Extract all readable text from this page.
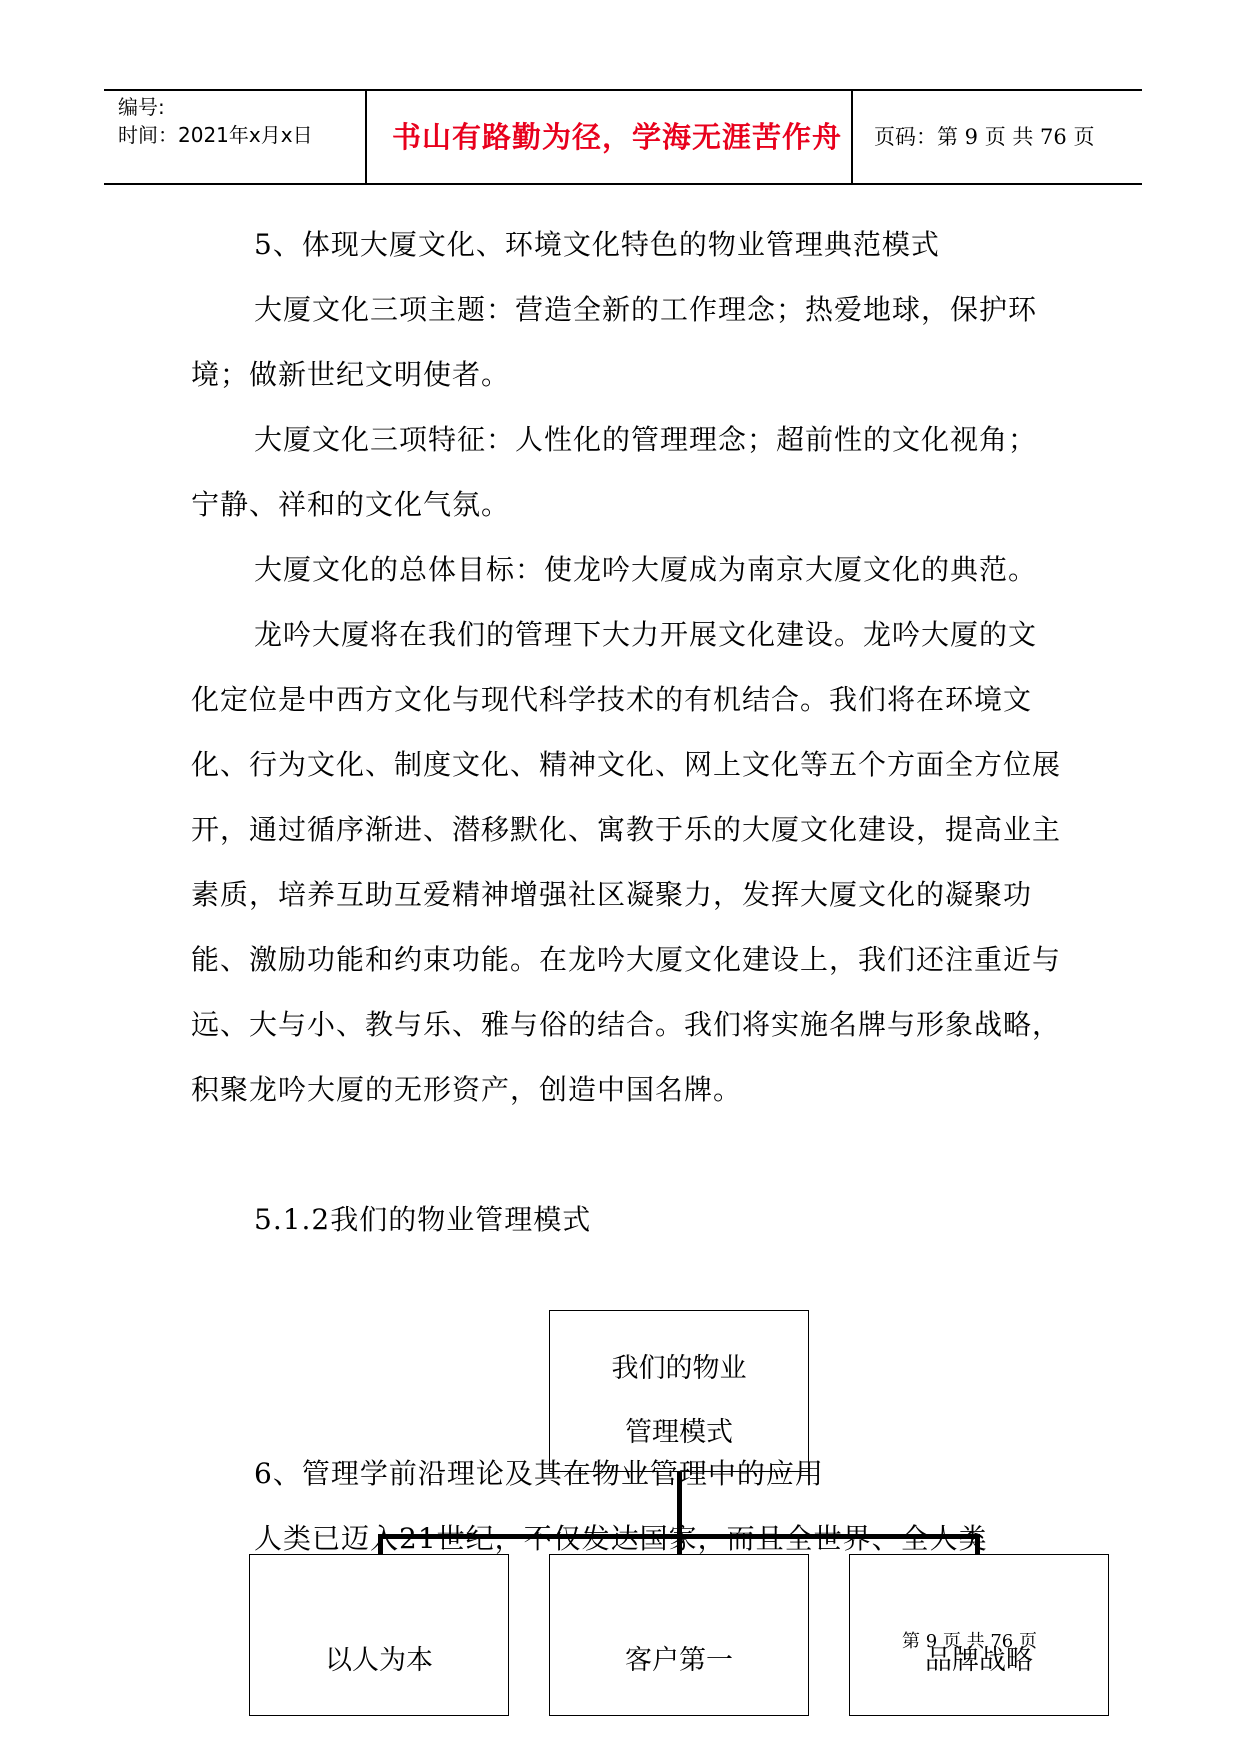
编号:
时间：2021年x月x日	书山有路勤为径，学海无涯苦作舟	页码：第 9 页 共 76 页

5、体现大厦文化、环境文化特色的物业管理典范模式

大厦文化三项主题：营造全新的工作理念；热爱地球，保护环境；做新世纪文明使者。

大厦文化三项特征：人性化的管理理念；超前性的文化视角；宁静、祥和的文化气氛。

大厦文化的总体目标：使龙吟大厦成为南京大厦文化的典范。

龙吟大厦将在我们的管理下大力开展文化建设。龙吟大厦的文化定位是中西方文化与现代科学技术的有机结合。我们将在环境文化、行为文化、制度文化、精神文化、网上文化等五个方面全方位展开，通过循序渐进、潜移默化、寓教于乐的大厦文化建设，提高业主素质，培养互助互爱精神增强社区凝聚力，发挥大厦文化的凝聚功能、激励功能和约束功能。在龙吟大厦文化建设上，我们还注重近与远、大与小、教与乐、雅与俗的结合。我们将实施名牌与形象战略，积聚龙吟大厦的无形资产，创造中国名牌。

5.1.2我们的物业管理模式

我们的物业
管理模式
以人为本	客户第一	品牌战略

6、管理学前沿理论及其在物业管理中的应用

人类已迈入21世纪，不仅发达国家，而且全世界、全人类

第 9 页 共 76 页
